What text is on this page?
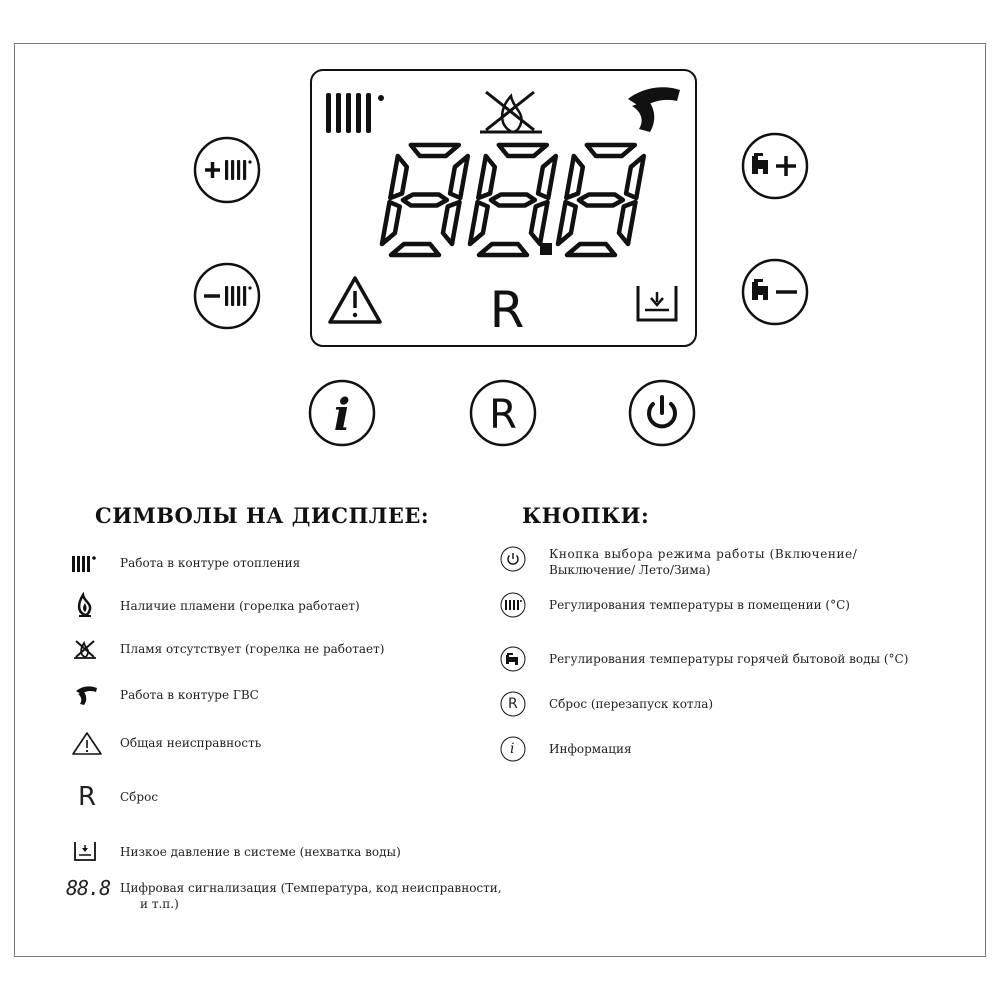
R
i	R
СИМВОЛЫ НА ДИСПЛЕЕ:
Работа в контуре отопления
Наличие пламени (горелка работает)
Пламя отсутствует (горелка не работает)
Работа в контуре ГВС
Общая неисправность
R Сброс
Низкое давление в системе (нехватка воды)
88.8 Цифровая сигнализация (Температура, код неисправности,
и т.п.)
КНОПКИ:
Кнопка выбора режима работы (Включение/
Выключение/ Лето/Зима)
Регулирования температуры в помещении (°С)
Регулирования температуры горячей бытовой воды (°С)
R	Сброс (перезапуск котла)
i	Информация
